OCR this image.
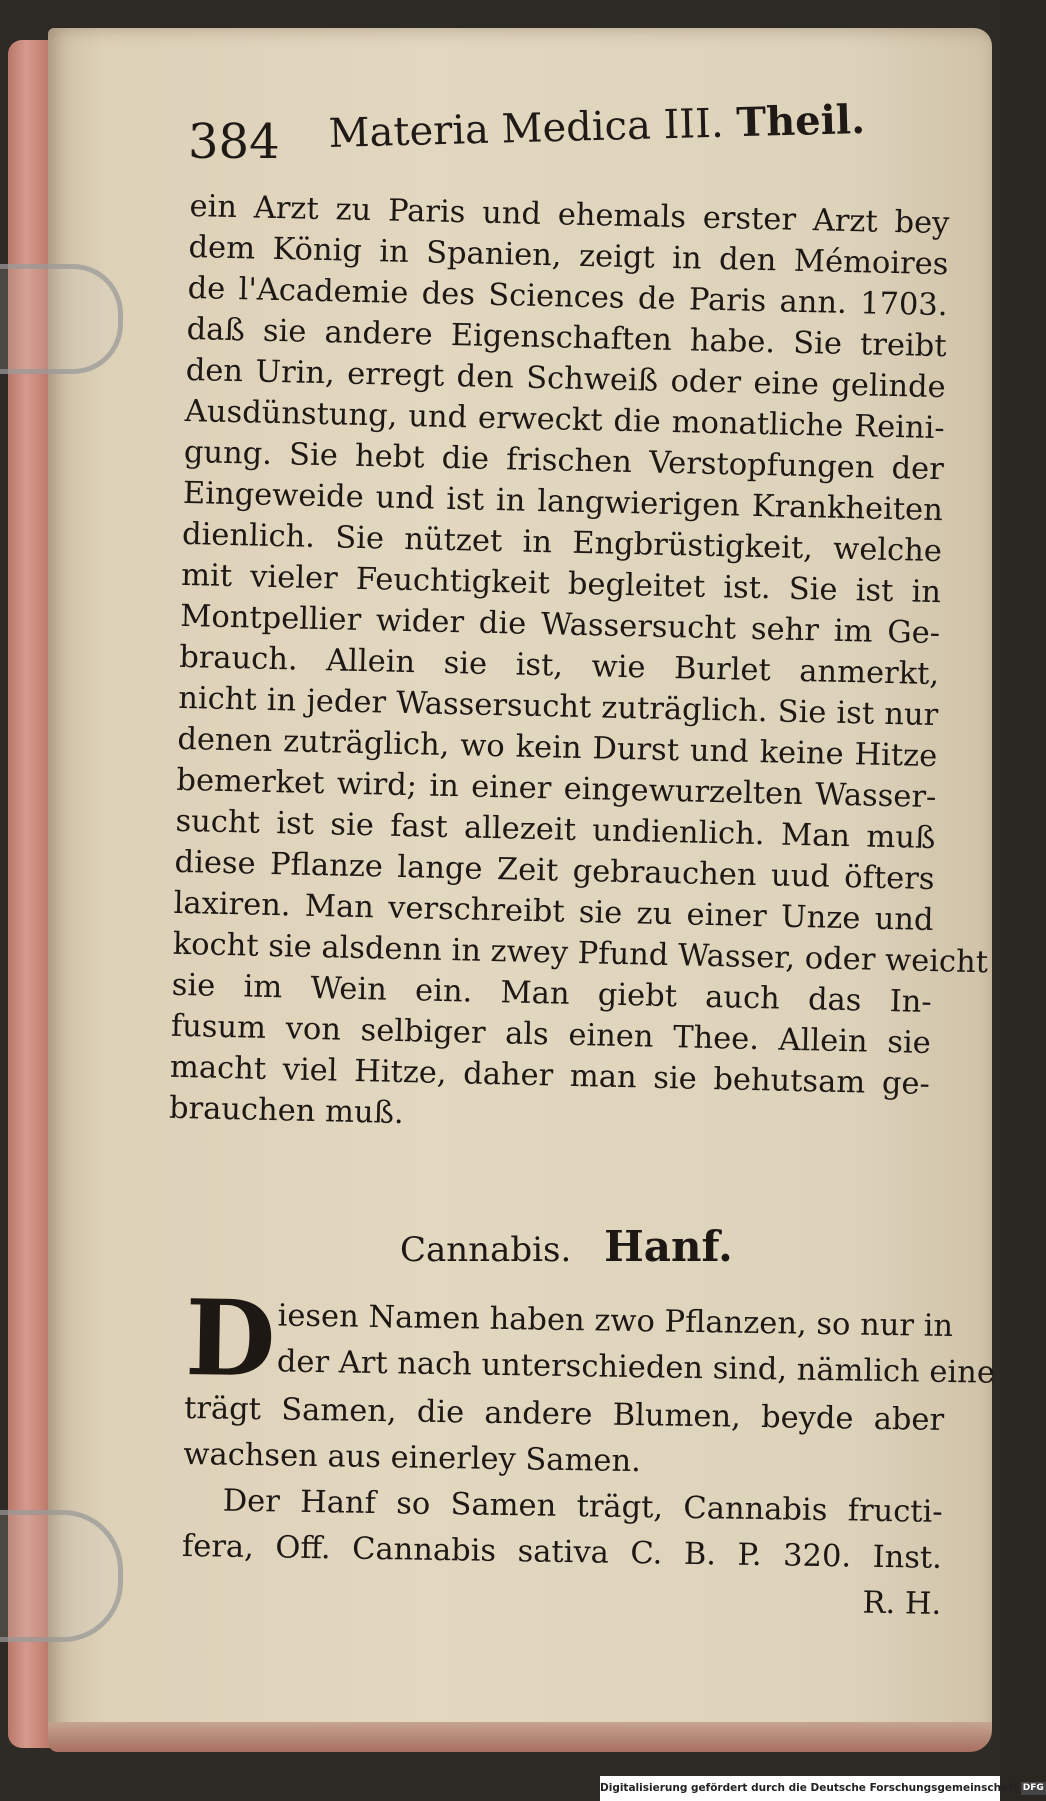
384 Materia Medica III. Theil.
ein Arzt zu Paris und ehemals erster Arzt bey
dem König in Spanien, zeigt in den Mémoires
de l'Academie des Sciences de Paris ann. 1703.
daß sie andere Eigenschaften habe. Sie treibt
den Urin, erregt den Schweiß oder eine gelinde
Ausdünstung, und erweckt die monatliche Reini-
gung. Sie hebt die frischen Verstopfungen der
Eingeweide und ist in langwierigen Krankheiten
dienlich. Sie nützet in Engbrüstigkeit, welche
mit vieler Feuchtigkeit begleitet ist. Sie ist in
Montpellier wider die Wassersucht sehr im Ge-
brauch. Allein sie ist, wie Burlet anmerkt,
nicht in jeder Wassersucht zuträglich. Sie ist nur
denen zuträglich, wo kein Durst und keine Hitze
bemerket wird; in einer eingewurzelten Wasser-
sucht ist sie fast allezeit undienlich. Man muß
diese Pflanze lange Zeit gebrauchen uud öfters
laxiren. Man verschreibt sie zu einer Unze und
kocht sie alsdenn in zwey Pfund Wasser, oder weicht
sie im Wein ein. Man giebt auch das In-
fusum von selbiger als einen Thee. Allein sie
macht viel Hitze, daher man sie behutsam ge-
brauchen muß.
Cannabis. Hanf.
D iesen Namen haben zwo Pflanzen, so nur in
der Art nach unterschieden sind, nämlich eine
trägt Samen, die andere Blumen, beyde aber
wachsen aus einerley Samen.
Der Hanf so Samen trägt, Cannabis fructi-
fera, Off. Cannabis sativa C. B. P. 320. Inst.
R. H.
Digitalisierung gefördert durch die Deutsche Forschungsgemeinschaft DFG
